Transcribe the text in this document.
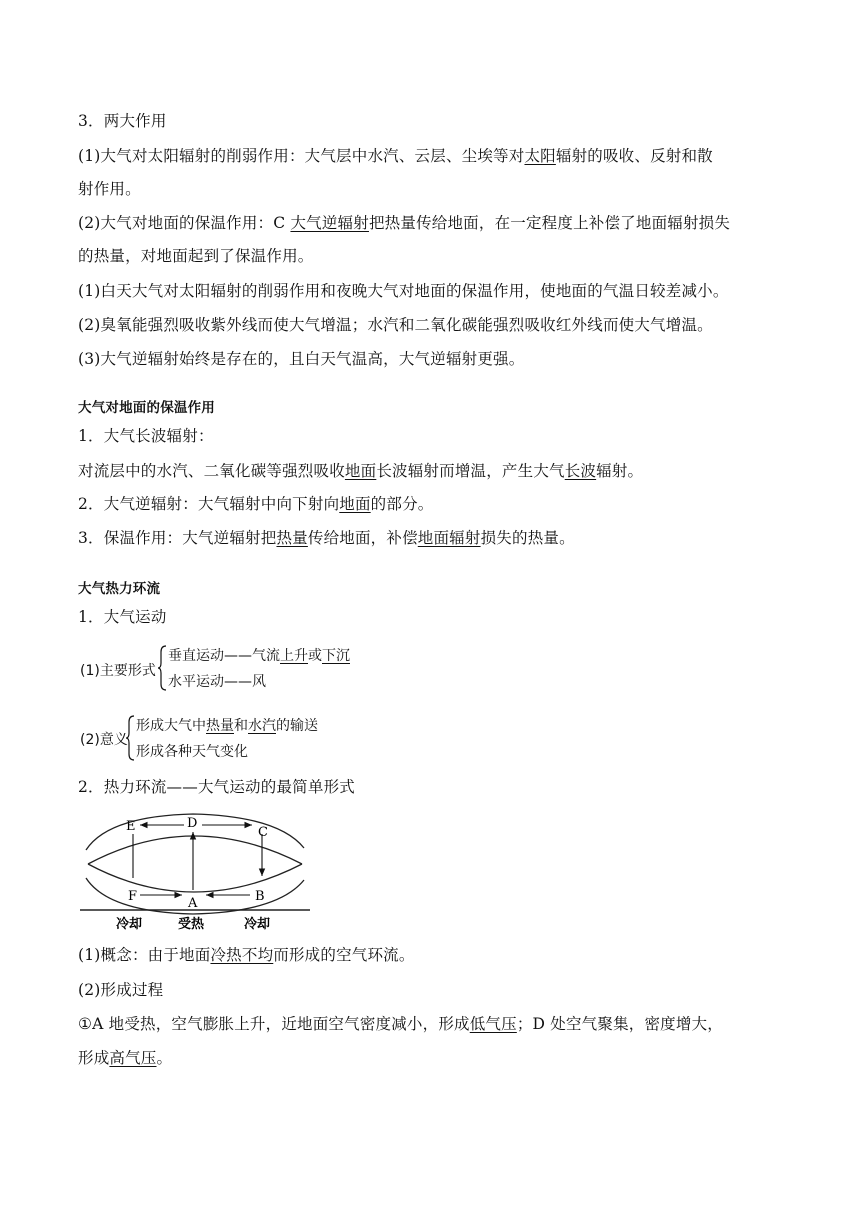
3．两大作用
(1)大气对太阳辐射的削弱作用：大气层中水汽、云层、尘埃等对太阳辐射的吸收、反射和散
射作用。
(2)大气对地面的保温作用：C 大气逆辐射把热量传给地面，在一定程度上补偿了地面辐射损失
的热量，对地面起到了保温作用。
(1)白天大气对太阳辐射的削弱作用和夜晚大气对地面的保温作用，使地面的气温日较差减小。
(2)臭氧能强烈吸收紫外线而使大气增温；水汽和二氧化碳能强烈吸收红外线而使大气增温。
(3)大气逆辐射始终是存在的，且白天气温高，大气逆辐射更强。
大气对地面的保温作用
1．大气长波辐射：
对流层中的水汽、二氧化碳等强烈吸收地面长波辐射而增温，产生大气长波辐射。
2．大气逆辐射：大气辐射中向下射向地面的部分。
3．保温作用：大气逆辐射把热量传给地面，补偿地面辐射损失的热量。
大气热力环流
1．大气运动
(1)主要形式
垂直运动——气流上升或下沉
水平运动——风
(2)意义
形成大气中热量和水汽的输送
形成各种天气变化
2．热力环流——大气运动的最简单形式
E	D
C
F	A	B
冷却	受热	冷却
(1)概念：由于地面冷热不均而形成的空气环流。
(2)形成过程
①A 地受热，空气膨胀上升，近地面空气密度减小，形成低气压；D 处空气聚集，密度增大，
形成高气压。
